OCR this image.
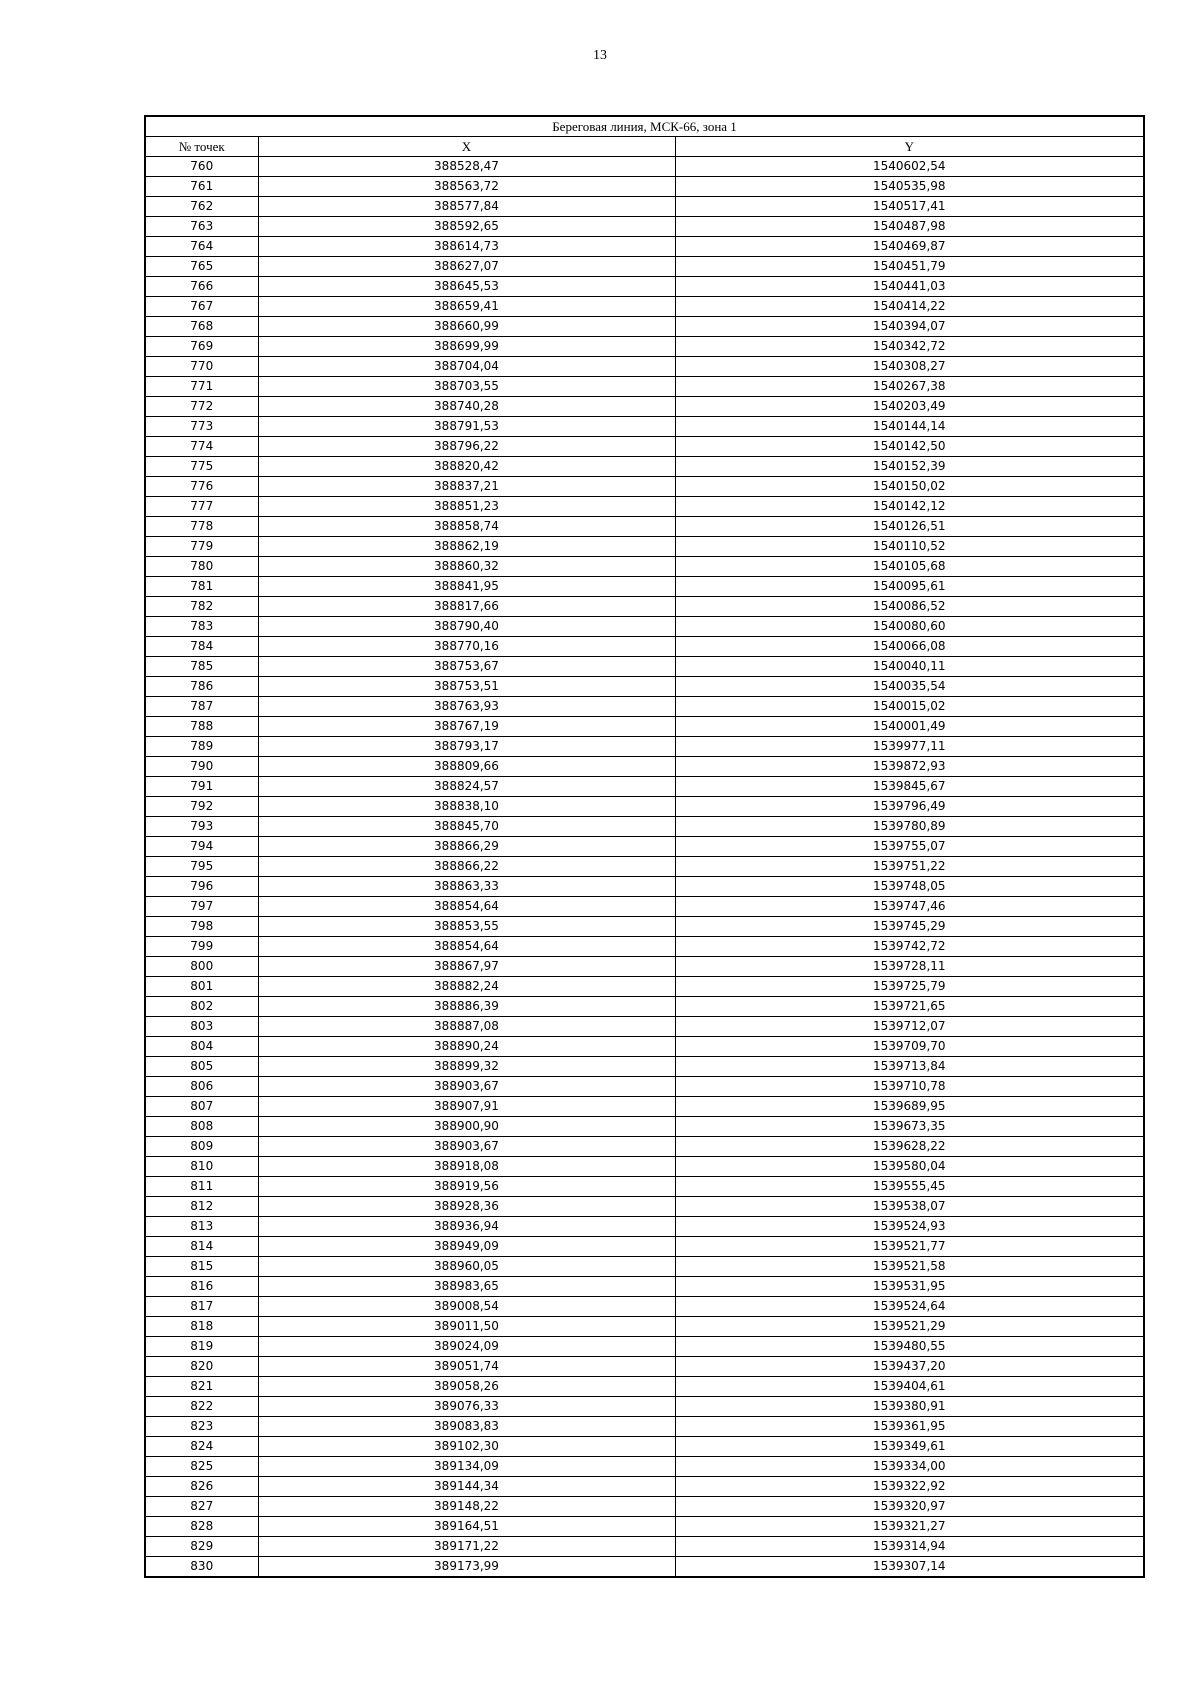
13
Береговая линия, МСК-66, зона 1		
№ точек	X	Y
760	388528,47	1540602,54
761	388563,72	1540535,98
762	388577,84	1540517,41
763	388592,65	1540487,98
764	388614,73	1540469,87
765	388627,07	1540451,79
766	388645,53	1540441,03
767	388659,41	1540414,22
768	388660,99	1540394,07
769	388699,99	1540342,72
770	388704,04	1540308,27
771	388703,55	1540267,38
772	388740,28	1540203,49
773	388791,53	1540144,14
774	388796,22	1540142,50
775	388820,42	1540152,39
776	388837,21	1540150,02
777	388851,23	1540142,12
778	388858,74	1540126,51
779	388862,19	1540110,52
780	388860,32	1540105,68
781	388841,95	1540095,61
782	388817,66	1540086,52
783	388790,40	1540080,60
784	388770,16	1540066,08
785	388753,67	1540040,11
786	388753,51	1540035,54
787	388763,93	1540015,02
788	388767,19	1540001,49
789	388793,17	1539977,11
790	388809,66	1539872,93
791	388824,57	1539845,67
792	388838,10	1539796,49
793	388845,70	1539780,89
794	388866,29	1539755,07
795	388866,22	1539751,22
796	388863,33	1539748,05
797	388854,64	1539747,46
798	388853,55	1539745,29
799	388854,64	1539742,72
800	388867,97	1539728,11
801	388882,24	1539725,79
802	388886,39	1539721,65
803	388887,08	1539712,07
804	388890,24	1539709,70
805	388899,32	1539713,84
806	388903,67	1539710,78
807	388907,91	1539689,95
808	388900,90	1539673,35
809	388903,67	1539628,22
810	388918,08	1539580,04
811	388919,56	1539555,45
812	388928,36	1539538,07
813	388936,94	1539524,93
814	388949,09	1539521,77
815	388960,05	1539521,58
816	388983,65	1539531,95
817	389008,54	1539524,64
818	389011,50	1539521,29
819	389024,09	1539480,55
820	389051,74	1539437,20
821	389058,26	1539404,61
822	389076,33	1539380,91
823	389083,83	1539361,95
824	389102,30	1539349,61
825	389134,09	1539334,00
826	389144,34	1539322,92
827	389148,22	1539320,97
828	389164,51	1539321,27
829	389171,22	1539314,94
830	389173,99	1539307,14
